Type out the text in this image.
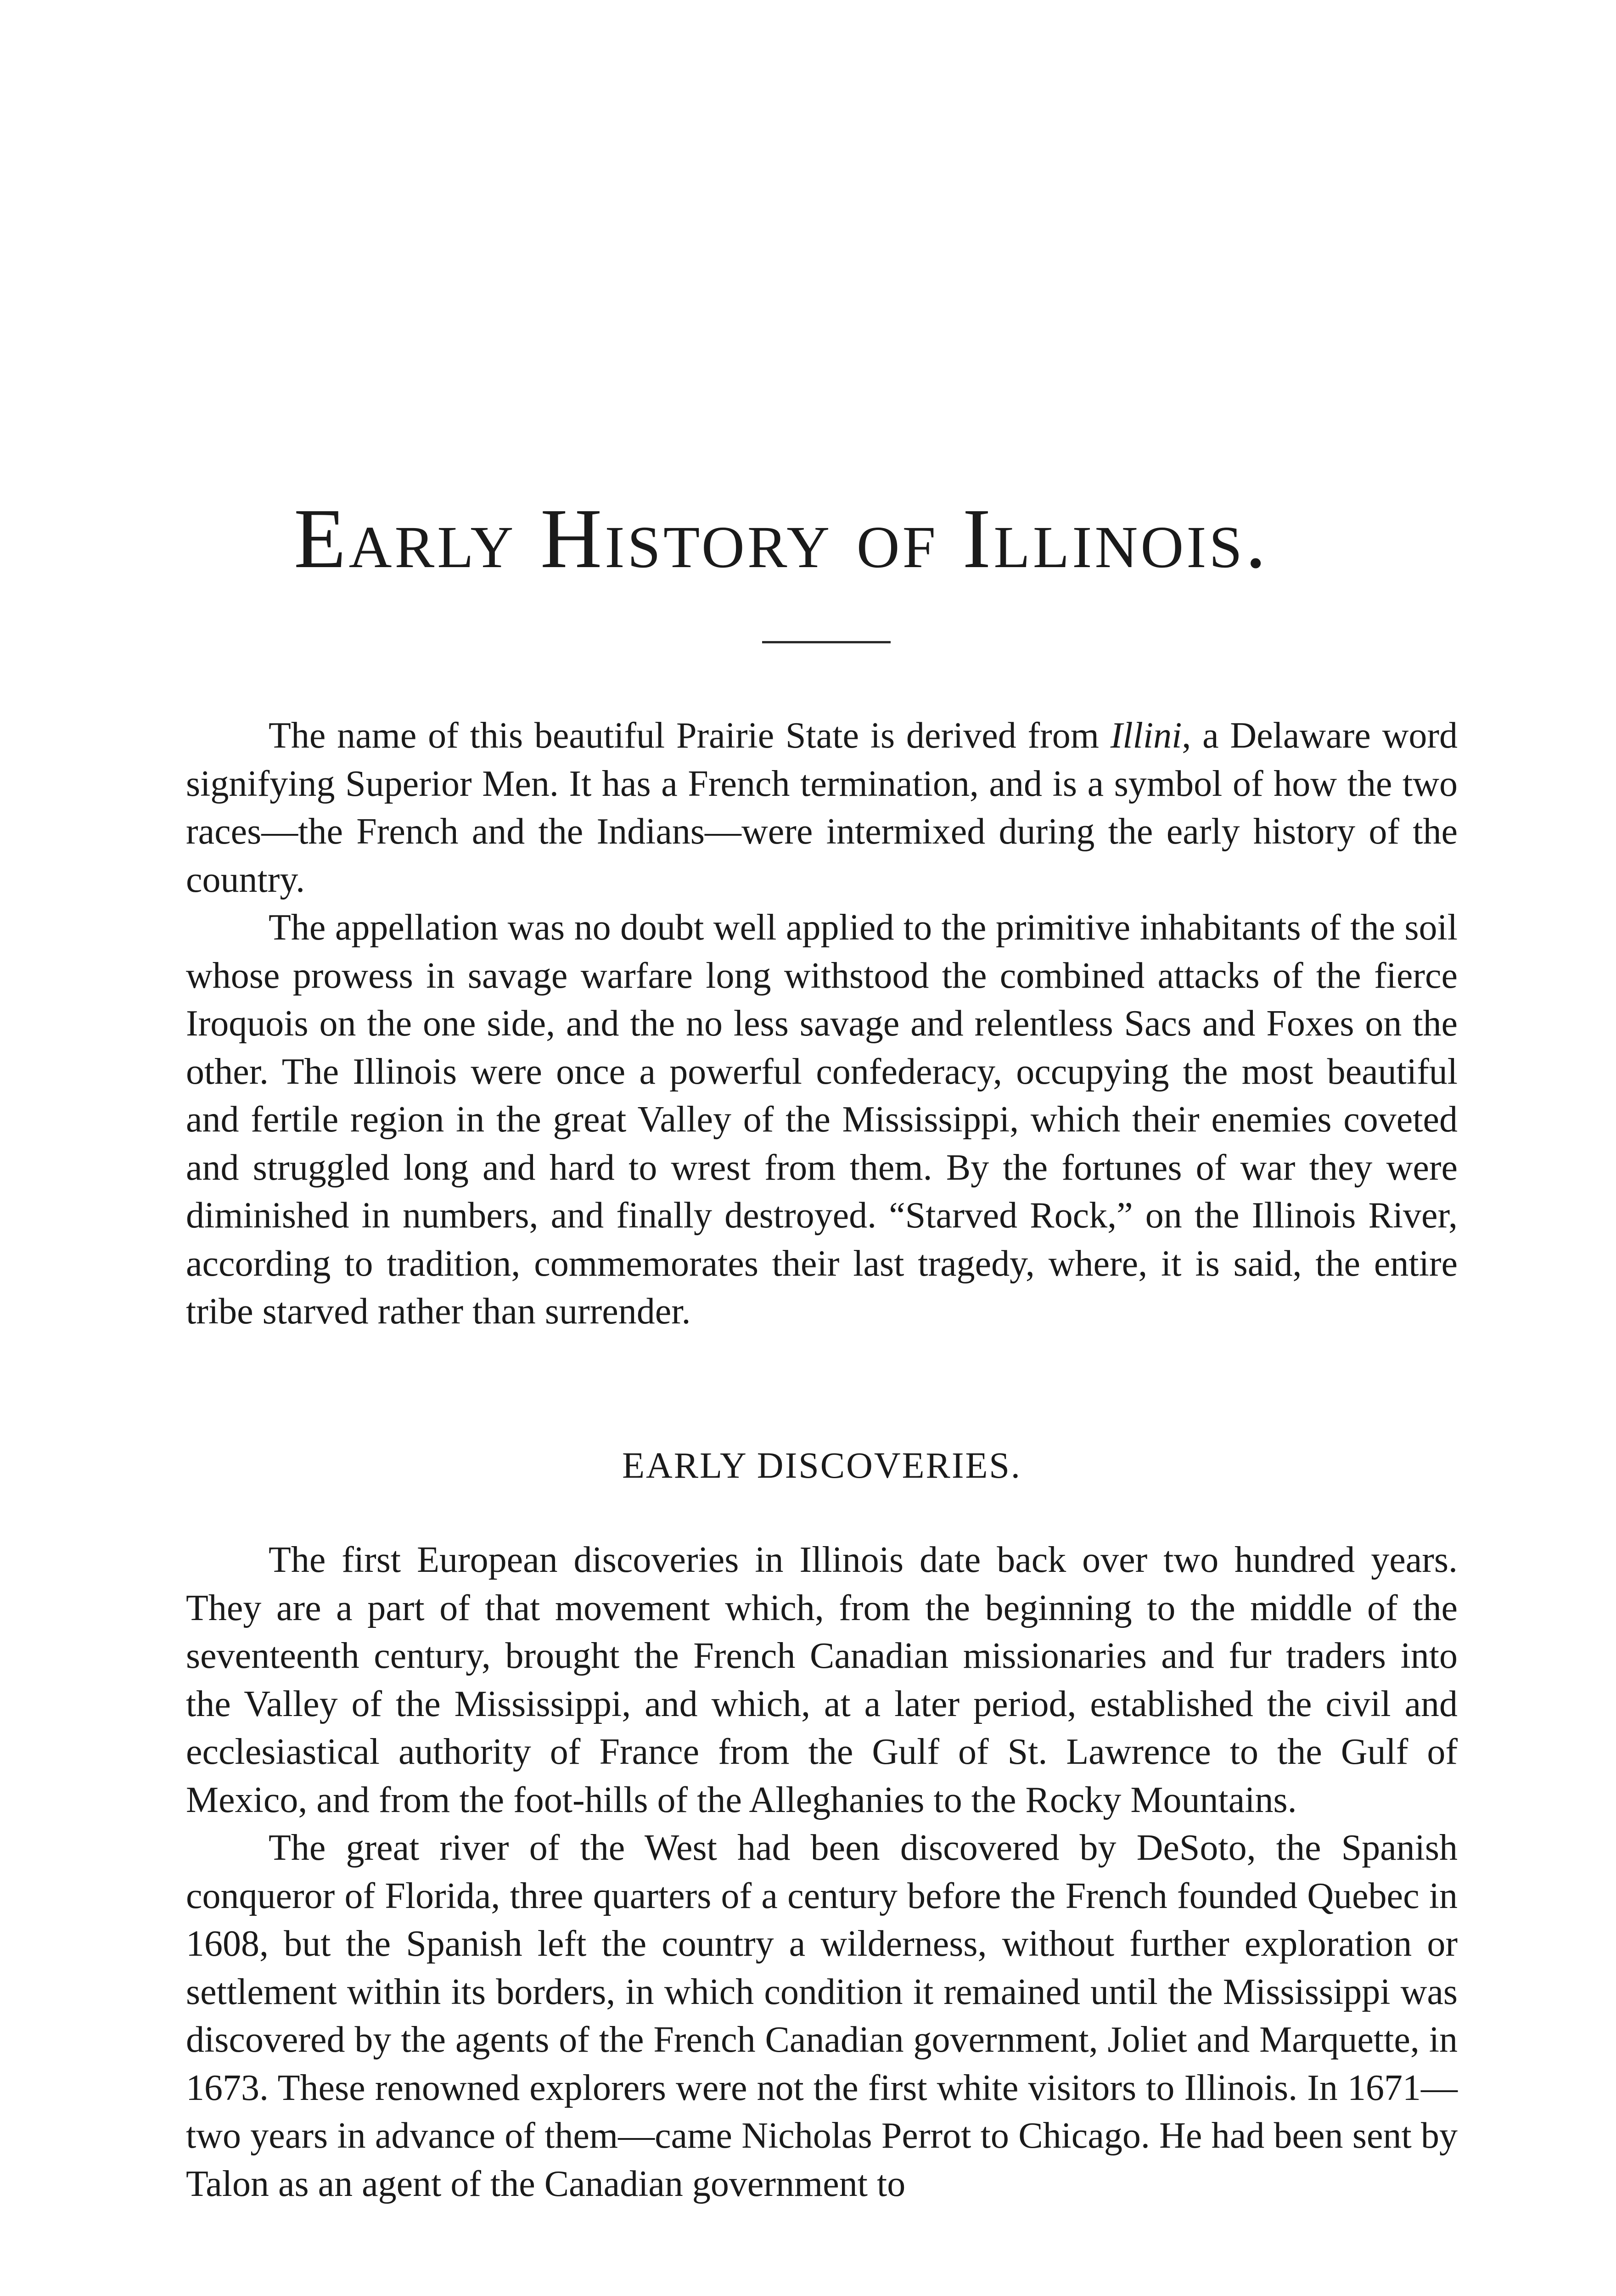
Early History of Illinois.

The name of this beautiful Prairie State is derived from Illini, a Delaware word signifying Superior Men. It has a French termination, and is a symbol of how the two races—the French and the Indians—were intermixed during the early history of the country.

The appellation was no doubt well applied to the primitive inhabitants of the soil whose prowess in savage warfare long withstood the combined attacks of the fierce Iroquois on the one side, and the no less savage and relentless Sacs and Foxes on the other. The Illinois were once a powerful confederacy, occupying the most beautiful and fertile region in the great Valley of the Mississippi, which their enemies coveted and struggled long and hard to wrest from them. By the fortunes of war they were diminished in numbers, and finally destroyed. “Starved Rock,” on the Illinois River, according to tradition, commemorates their last tragedy, where, it is said, the entire tribe starved rather than surrender.

EARLY DISCOVERIES.

The first European discoveries in Illinois date back over two hundred years. They are a part of that movement which, from the beginning to the middle of the seventeenth century, brought the French Canadian missionaries and fur traders into the Valley of the Mississippi, and which, at a later period, established the civil and ecclesiastical authority of France from the Gulf of St. Lawrence to the Gulf of Mexico, and from the foot-hills of the Alleghanies to the Rocky Mountains.

The great river of the West had been discovered by DeSoto, the Spanish conqueror of Florida, three quarters of a century before the French founded Quebec in 1608, but the Spanish left the country a wilderness, without further exploration or settlement within its borders, in which condition it remained until the Mississippi was discovered by the agents of the French Canadian government, Joliet and Marquette, in 1673. These renowned explorers were not the first white visitors to Illinois. In 1671—two years in advance of them—came Nicholas Perrot to Chicago. He had been sent by Talon as an agent of the Canadian government to
